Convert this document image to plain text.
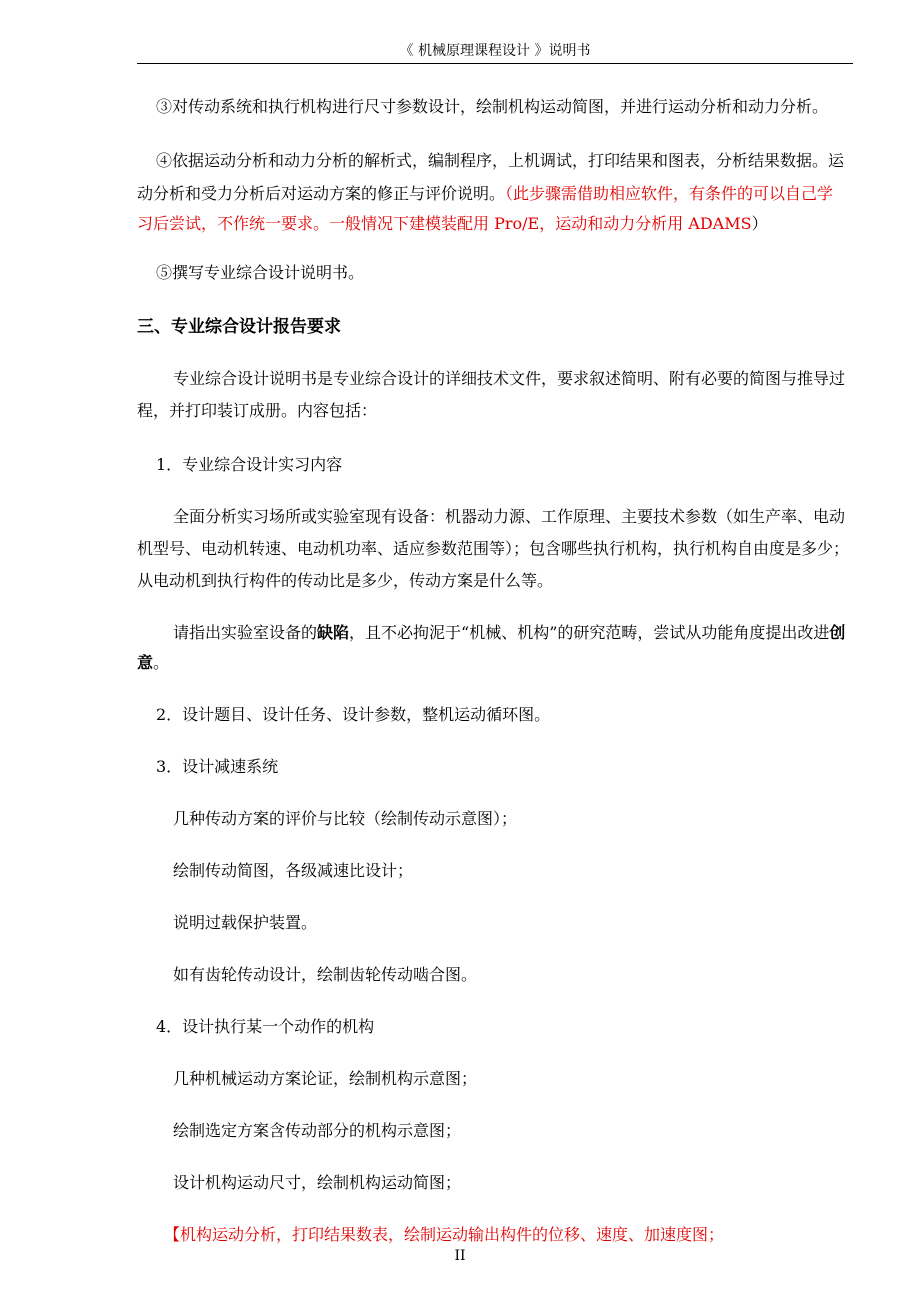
《 机械原理课程设计 》说明书
③对传动系统和执行机构进行尺寸参数设计，绘制机构运动简图，并进行运动分析和动力分析。
④依据运动分析和动力分析的解析式，编制程序，上机调试，打印结果和图表，分析结果数据。运
动分析和受力分析后对运动方案的修正与评价说明。（此步骤需借助相应软件，有条件的可以自己学
习后尝试，不作统一要求。一般情况下建模装配用 Pro/E，运动和动力分析用 ADAMS）
⑤撰写专业综合设计说明书。
三、专业综合设计报告要求
专业综合设计说明书是专业综合设计的详细技术文件，要求叙述简明、附有必要的简图与推导过
程，并打印装订成册。内容包括：
1．专业综合设计实习内容
全面分析实习场所或实验室现有设备：机器动力源、工作原理、主要技术参数（如生产率、电动
机型号、电动机转速、电动机功率、适应参数范围等）；包含哪些执行机构，执行机构自由度是多少；
从电动机到执行构件的传动比是多少，传动方案是什么等。
请指出实验室设备的缺陷，且不必拘泥于“机械、机构”的研究范畴，尝试从功能角度提出改进创
意。
2．设计题目、设计任务、设计参数，整机运动循环图。
3．设计减速系统
几种传动方案的评价与比较（绘制传动示意图）；
绘制传动简图，各级减速比设计；
说明过载保护装置。
如有齿轮传动设计，绘制齿轮传动啮合图。
4．设计执行某一个动作的机构
几种机械运动方案论证，绘制机构示意图；
绘制选定方案含传动部分的机构示意图；
设计机构运动尺寸，绘制机构运动简图；
【机构运动分析，打印结果数表，绘制运动输出构件的位移、速度、加速度图；
II
